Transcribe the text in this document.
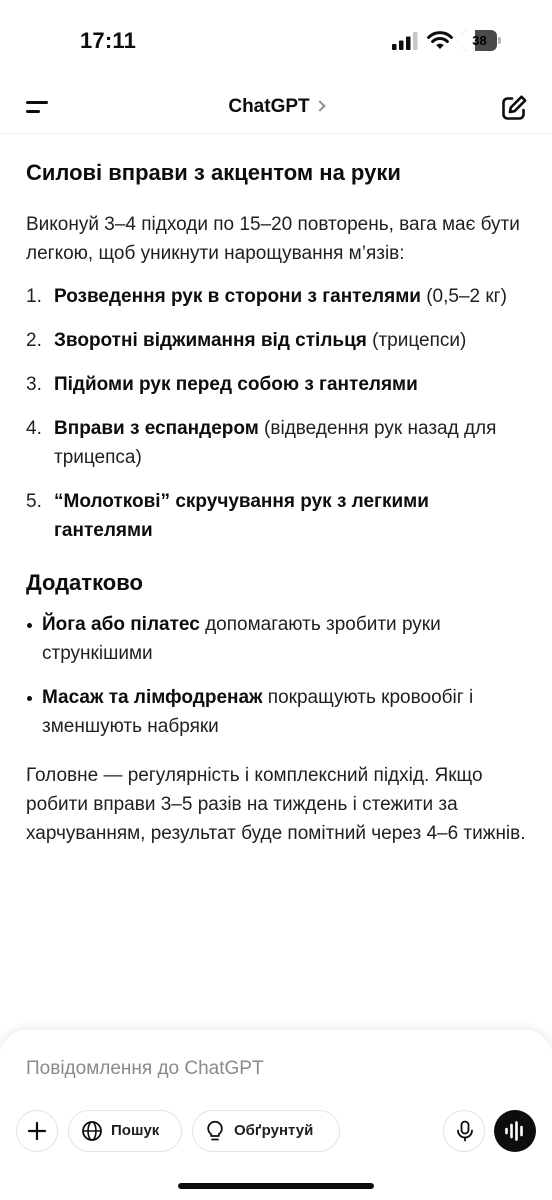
17:11	38
ChatGPT
Силові вправи з акцентом на руки

Виконуй 3–4 підходи по 15–20 повторень, вага має бути легкою, щоб уникнути нарощування м’язів:

1. Розведення рук в сторони з гантелями (0,5–2 кг)
2. Зворотні віджимання від стільця (трицепси)
3. Підйоми рук перед собою з гантелями
4. Вправи з еспандером (відведення рук назад для трицепса)
5. “Молоткові” скручування рук з легкими гантелями
Додатково
Йога або пілатес допомагають зробити руки стрункішими
Масаж та лімфодренаж покращують кровообіг і зменшують набряки

Головне — регулярність і комплексний підхід. Якщо робити вправи 3–5 разів на тиждень і стежити за харчуванням, результат буде помітний через 4–6 тижнів.

Повідомлення до ChatGPT
Пошук	Обґрунтуй
